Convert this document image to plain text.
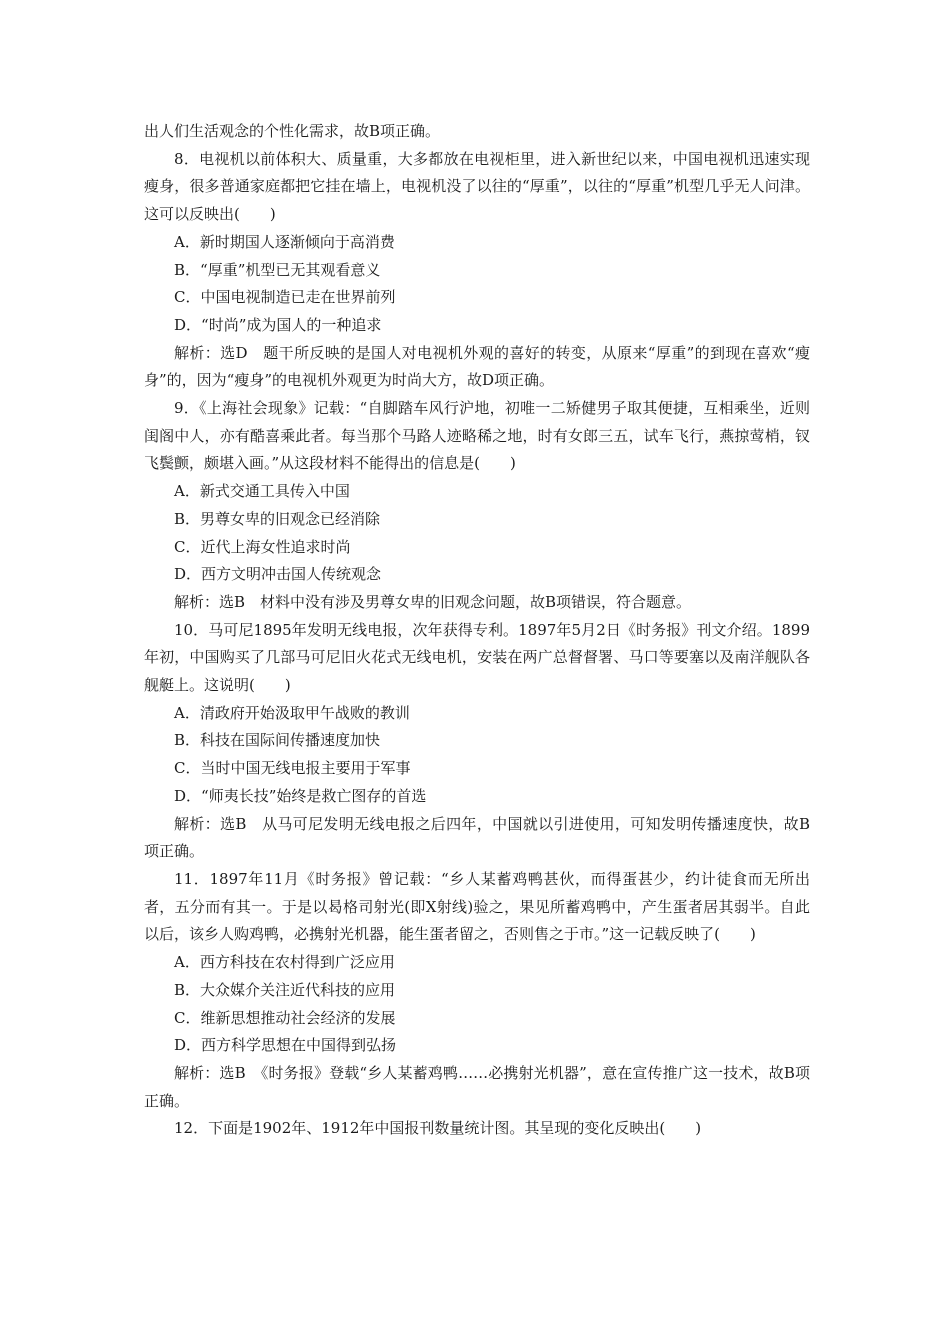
出人们生活观念的个性化需求，故B项正确。

8．电视机以前体积大、质量重，大多都放在电视柜里，进入新世纪以来，中国电视机迅速实现瘦身，很多普通家庭都把它挂在墙上，电视机没了以往的“厚重”，以往的“厚重”机型几乎无人问津。这可以反映出(　　)

A．新时期国人逐渐倾向于高消费

B．“厚重”机型已无其观看意义

C．中国电视制造已走在世界前列

D．“时尚”成为国人的一种追求

解析：选D　题干所反映的是国人对电视机外观的喜好的转变，从原来“厚重”的到现在喜欢“瘦身”的，因为“瘦身”的电视机外观更为时尚大方，故D项正确。

9．《上海社会现象》记载：“自脚踏车风行沪地，初唯一二矫健男子取其便捷，互相乘坐，近则闺阁中人，亦有酷喜乘此者。每当那个马路人迹略稀之地，时有女郎三五，试车飞行，燕掠莺梢，钗飞鬓颤，颇堪入画。”从这段材料不能得出的信息是(　　)

A．新式交通工具传入中国

B．男尊女卑的旧观念已经消除

C．近代上海女性追求时尚

D．西方文明冲击国人传统观念

解析：选B　材料中没有涉及男尊女卑的旧观念问题，故B项错误，符合题意。

10．马可尼1895年发明无线电报，次年获得专利。1897年5月2日《时务报》刊文介绍。1899年初，中国购买了几部马可尼旧火花式无线电机，安装在两广总督督署、马口等要塞以及南洋舰队各舰艇上。这说明(　　)

A．清政府开始汲取甲午战败的教训

B．科技在国际间传播速度加快

C．当时中国无线电报主要用于军事

D．“师夷长技”始终是救亡图存的首选

解析：选B　从马可尼发明无线电报之后四年，中国就以引进使用，可知发明传播速度快，故B项正确。

11．1897年11月《时务报》曾记载：“乡人某蓄鸡鸭甚伙，而得蛋甚少，约计徒食而无所出者，五分而有其一。于是以曷格司射光(即X射线)验之，果见所蓄鸡鸭中，产生蛋者居其弱半。自此以后，该乡人购鸡鸭，必携射光机器，能生蛋者留之，否则售之于市。”这一记载反映了(　　)

A．西方科技在农村得到广泛应用

B．大众媒介关注近代科技的应用

C．维新思想推动社会经济的发展

D．西方科学思想在中国得到弘扬

解析：选B　《时务报》登载“乡人某蓄鸡鸭……必携射光机器”，意在宣传推广这一技术，故B项正确。

12．下面是1902年、1912年中国报刊数量统计图。其呈现的变化反映出(　　)
